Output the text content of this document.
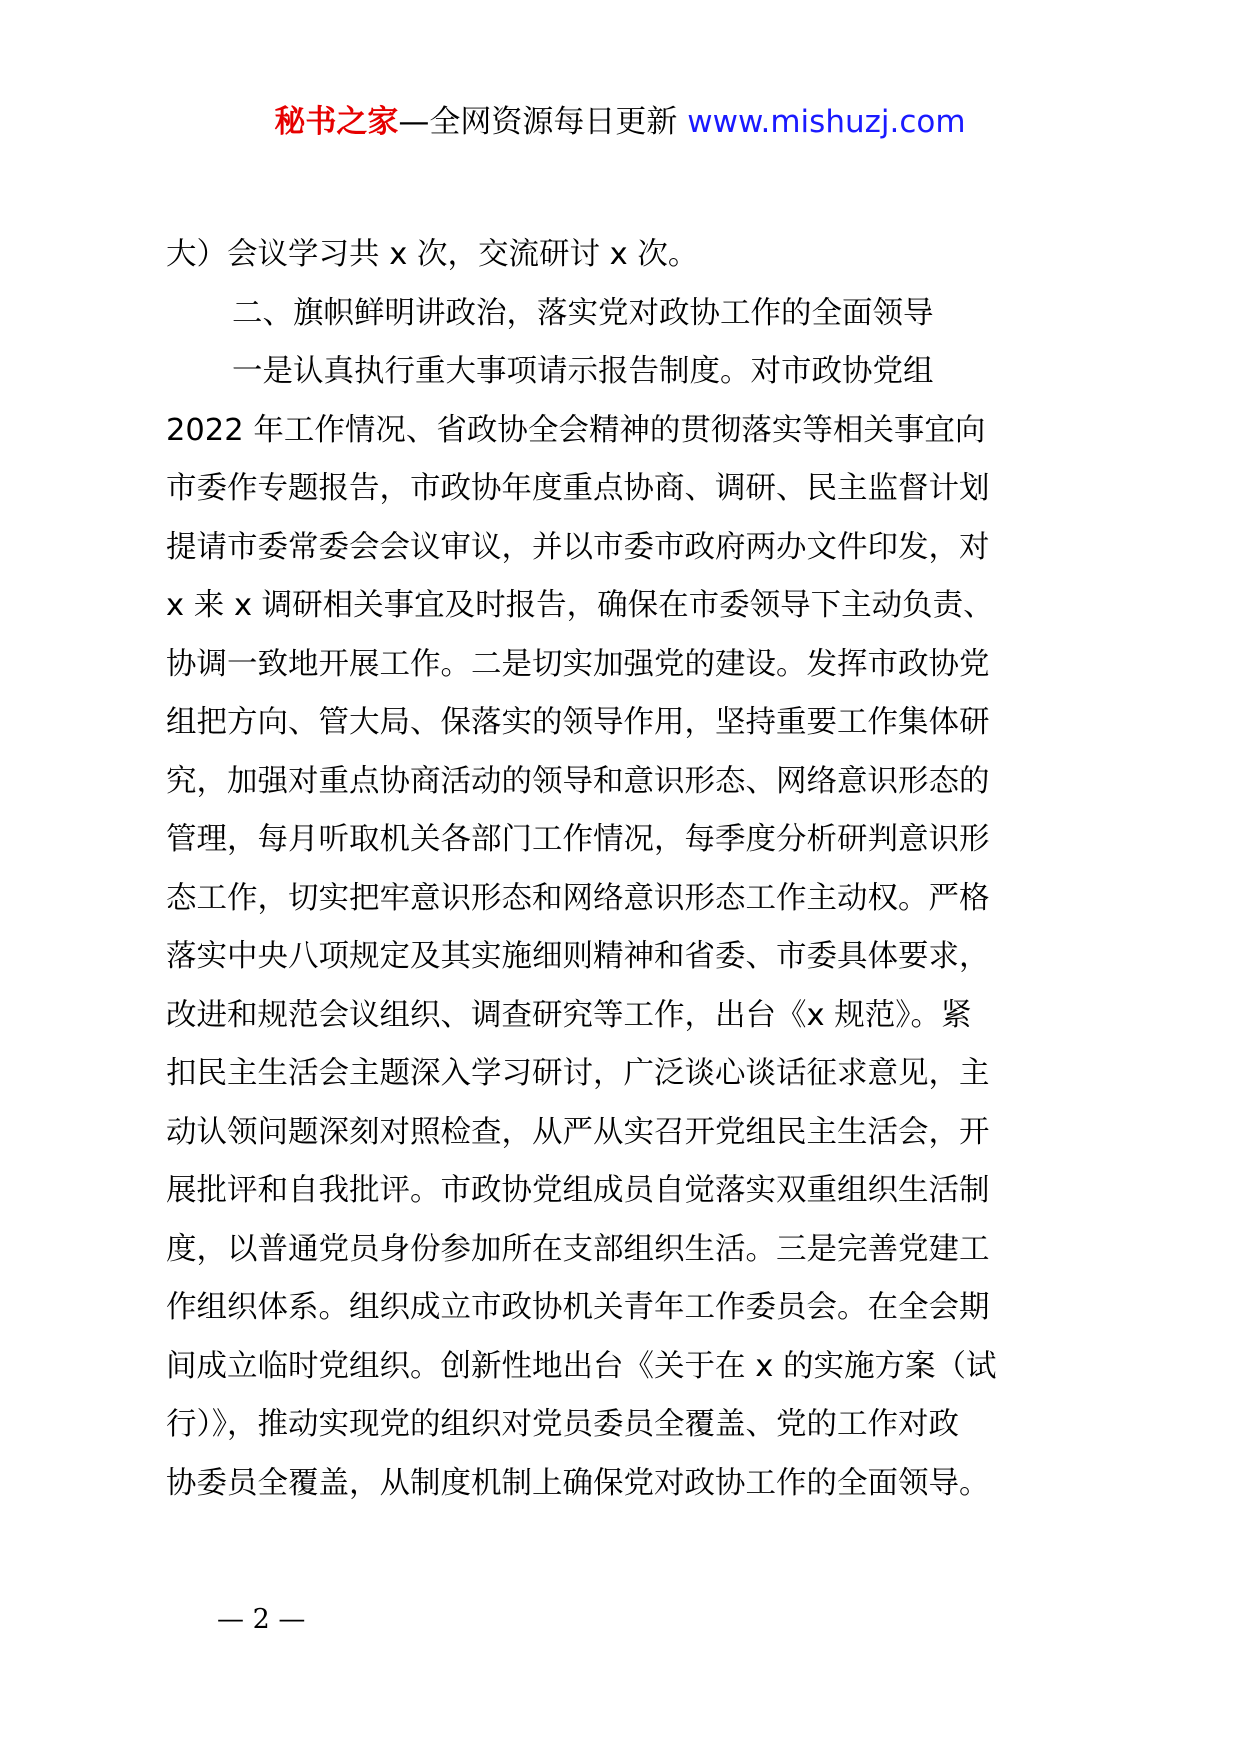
秘书之家—全网资源每日更新 www.mishuzj.com
大）会议学习共 x 次，交流研讨 x 次。
二、旗帜鲜明讲政治，落实党对政协工作的全面领导
一是认真执行重大事项请示报告制度。对市政协党组
2022 年工作情况、省政协全会精神的贯彻落实等相关事宜向
市委作专题报告，市政协年度重点协商、调研、民主监督计划
提请市委常委会会议审议，并以市委市政府两办文件印发，对
x 来 x 调研相关事宜及时报告，确保在市委领导下主动负责、
协调一致地开展工作。二是切实加强党的建设。发挥市政协党
组把方向、管大局、保落实的领导作用，坚持重要工作集体研
究，加强对重点协商活动的领导和意识形态、网络意识形态的
管理，每月听取机关各部门工作情况，每季度分析研判意识形
态工作，切实把牢意识形态和网络意识形态工作主动权。严格
落实中央八项规定及其实施细则精神和省委、市委具体要求，
改进和规范会议组织、调查研究等工作，出台《x 规范》。紧
扣民主生活会主题深入学习研讨，广泛谈心谈话征求意见，主
动认领问题深刻对照检查，从严从实召开党组民主生活会，开
展批评和自我批评。市政协党组成员自觉落实双重组织生活制
度，以普通党员身份参加所在支部组织生活。三是完善党建工
作组织体系。组织成立市政协机关青年工作委员会。在全会期
间成立临时党组织。创新性地出台《关于在 x 的实施方案（试
行）》，推动实现党的组织对党员委员全覆盖、党的工作对政
协委员全覆盖，从制度机制上确保党对政协工作的全面领导。
— 2 —
